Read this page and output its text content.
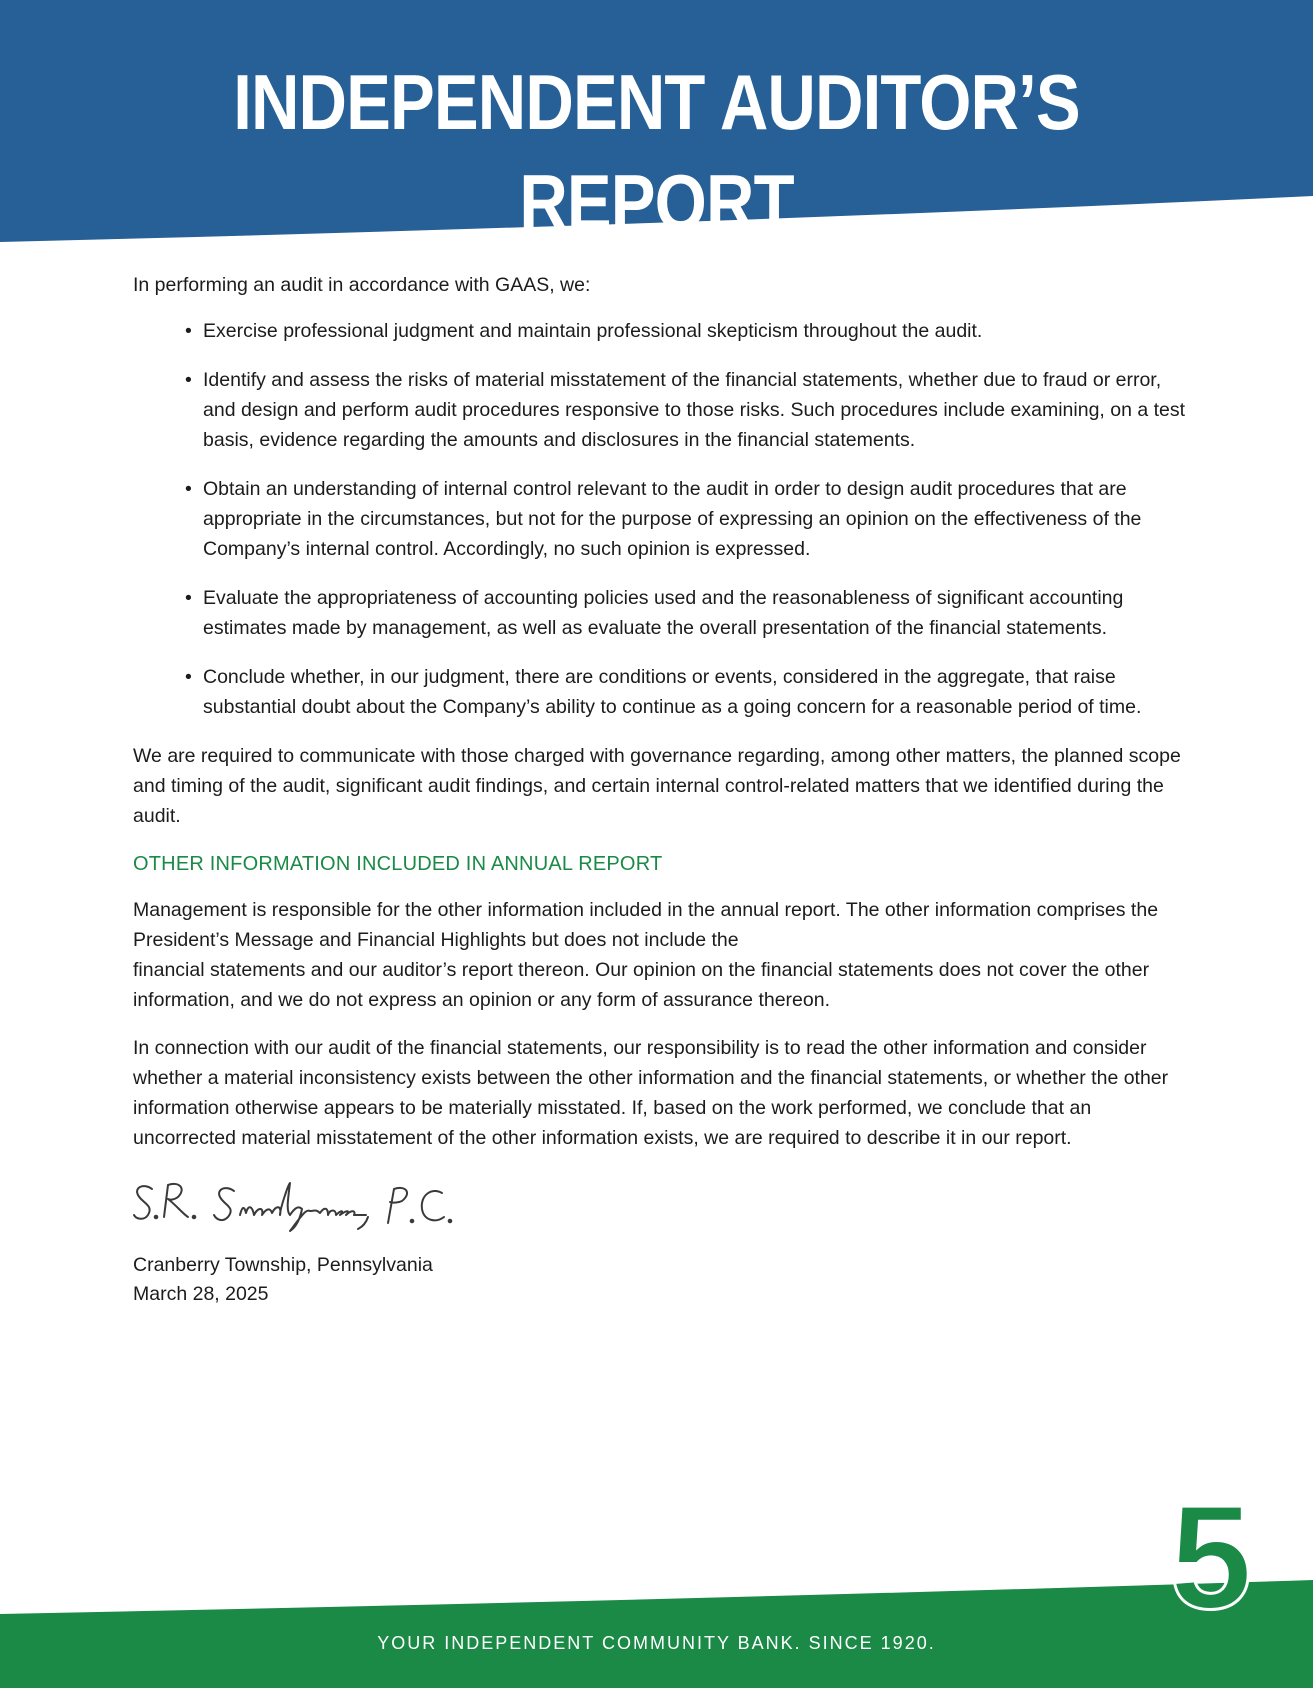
INDEPENDENT AUDITOR’S REPORT

In performing an audit in accordance with GAAS, we:

• Exercise professional judgment and maintain professional skepticism throughout the audit.
• Identify and assess the risks of material misstatement of the financial statements, whether due to fraud or error, and design and perform audit procedures responsive to those risks. Such procedures include examining, on a test basis, evidence regarding the amounts and disclosures in the financial statements.
• Obtain an understanding of internal control relevant to the audit in order to design audit procedures that are appropriate in the circumstances, but not for the purpose of expressing an opinion on the effectiveness of the Company’s internal control. Accordingly, no such opinion is expressed.
• Evaluate the appropriateness of accounting policies used and the reasonableness of significant accounting estimates made by management, as well as evaluate the overall presentation of the financial statements.
• Conclude whether, in our judgment, there are conditions or events, considered in the aggregate, that raise substantial doubt about the Company’s ability to continue as a going concern for a reasonable period of time.

We are required to communicate with those charged with governance regarding, among other matters, the planned scope and timing of the audit, significant audit findings, and certain internal control-related matters that we identified during the audit.

OTHER INFORMATION INCLUDED IN ANNUAL REPORT

Management is responsible for the other information included in the annual report. The other information comprises the President’s Message and Financial Highlights but does not include the
financial statements and our auditor’s report thereon. Our opinion on the financial statements does not cover the other information, and we do not express an opinion or any form of assurance thereon.

In connection with our audit of the financial statements, our responsibility is to read the other information and consider whether a material inconsistency exists between the other information and the financial statements, or whether the other information otherwise appears to be materially misstated. If, based on the work performed, we conclude that an uncorrected material misstatement of the other information exists, we are required to describe it in our report.

Cranberry Township, Pennsylvania
March 28, 2025
5
YOUR INDEPENDENT COMMUNITY BANK. SINCE 1920.
